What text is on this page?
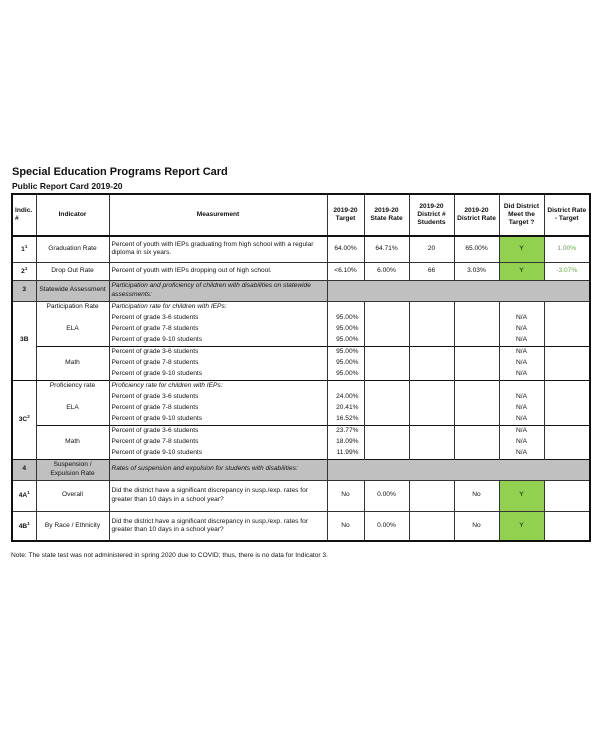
Special Education Programs Report Card
Public Report Card 2019-20
Indic. #	Indicator	Measurement	2019-20 Target	2019-20 State Rate	2019-20 District # Students	2019-20 District Rate	Did District Meet the Target ?	District Rate - Target
$1^1$	Graduation Rate	Percent of youth with IEPs graduating from high school with a regular diploma in six years.	64.00%	64.71%	20	65.00%	Y	1.00%
$2^1$	Drop Out Rate	Percent of youth with IEPs dropping out of high school.	<6.10%	6.00%	66	3.03%	Y	-3.07%
3	Statewide Assessment	Participation and proficiency of children with disabilities on statewide assessments:						
3B	Participation Rate	Participation rate for children with IEPs:						
	ELA	Percent of grade 3-6 students	95.00%				N/A	
		Percent of grade 7-8 students	95.00%				N/A	
		Percent of grade 9-10 students	95.00%				N/A	
	Math	Percent of grade 3-6 students	95.00%				N/A	
		Percent of grade 7-8 students	95.00%				N/A	
		Percent of grade 9-10 students	95.00%				N/A	
$3C^2$	Proficiency rate	Proficiency rate for children with IEPs:						
	ELA	Percent of grade 3-6 students	24.00%				N/A	
		Percent of grade 7-8 students	20.41%				N/A	
		Percent of grade 9-10 students	16.52%				N/A	
	Math	Percent of grade 3-6 students	23.77%				N/A	
		Percent of grade 7-8 students	18.09%				N/A	
		Percent of grade 9-10 students	11.99%				N/A	
4	Suspension / Expulsion Rate	Rates of suspension and expulsion for students with disabilities:						
$4A^1$	Overall	Did the district have a significant discrepancy in susp./exp. rates for greater than 10 days in a school year?	No	0.00%		No	Y	
$4B^1$	By Race / Ethnicity	Did the district have a significant discrepancy in susp./exp. rates for greater than 10 days in a school year?	No	0.00%		No	Y	
Note: The state test was not administered in spring 2020 due to COVID; thus, there is no data for Indicator 3.
